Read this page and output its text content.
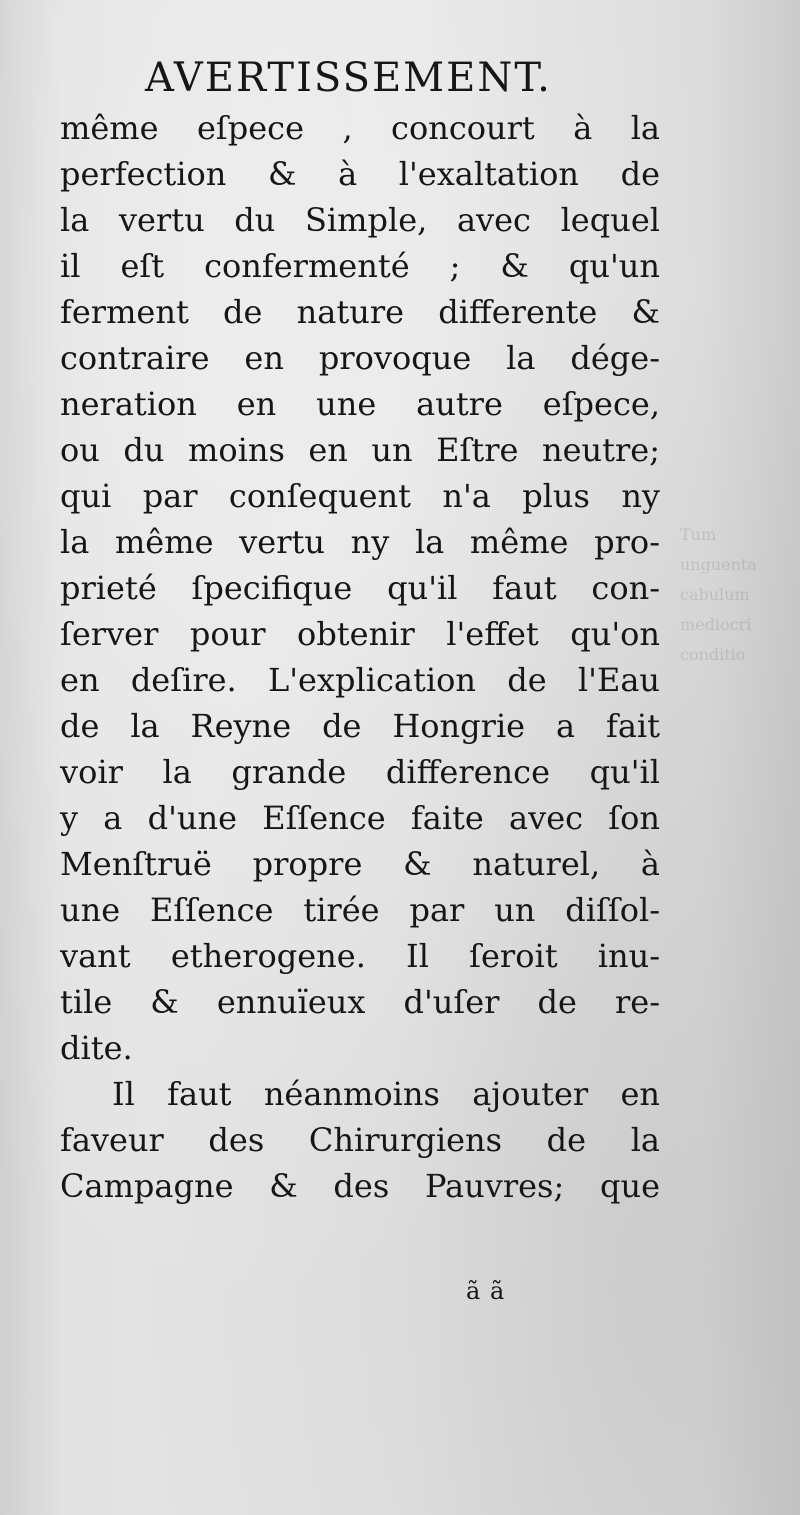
Tum
unguenta
cabulum
mediocri
conditio
AVERTISSEMENT.
même eſpece , concourt à la
perfection & à l'exaltation de
la vertu du Simple, avec lequel
il eſt confermenté ; & qu'un
ferment de nature differente &
contraire en provoque la dége-
neration en une autre eſpece,
ou du moins en un Eſtre neutre;
qui par conſequent n'a plus ny
la même vertu ny la même pro-
prieté ſpecifique qu'il faut con-
ſerver pour obtenir l'effet qu'on
en deſire. L'explication de l'Eau
de la Reyne de Hongrie a fait
voir la grande difference qu'il
y a d'une Eſſence faite avec ſon
Menſtruë propre & naturel, à
une Eſſence tirée par un diſſol-
vant etherogene. Il ſeroit inu-
tile & ennuïeux d'uſer de re-
dite.
Il faut néanmoins ajouter en
faveur des Chirurgiens de la
Campagne & des Pauvres; que
ã ã
